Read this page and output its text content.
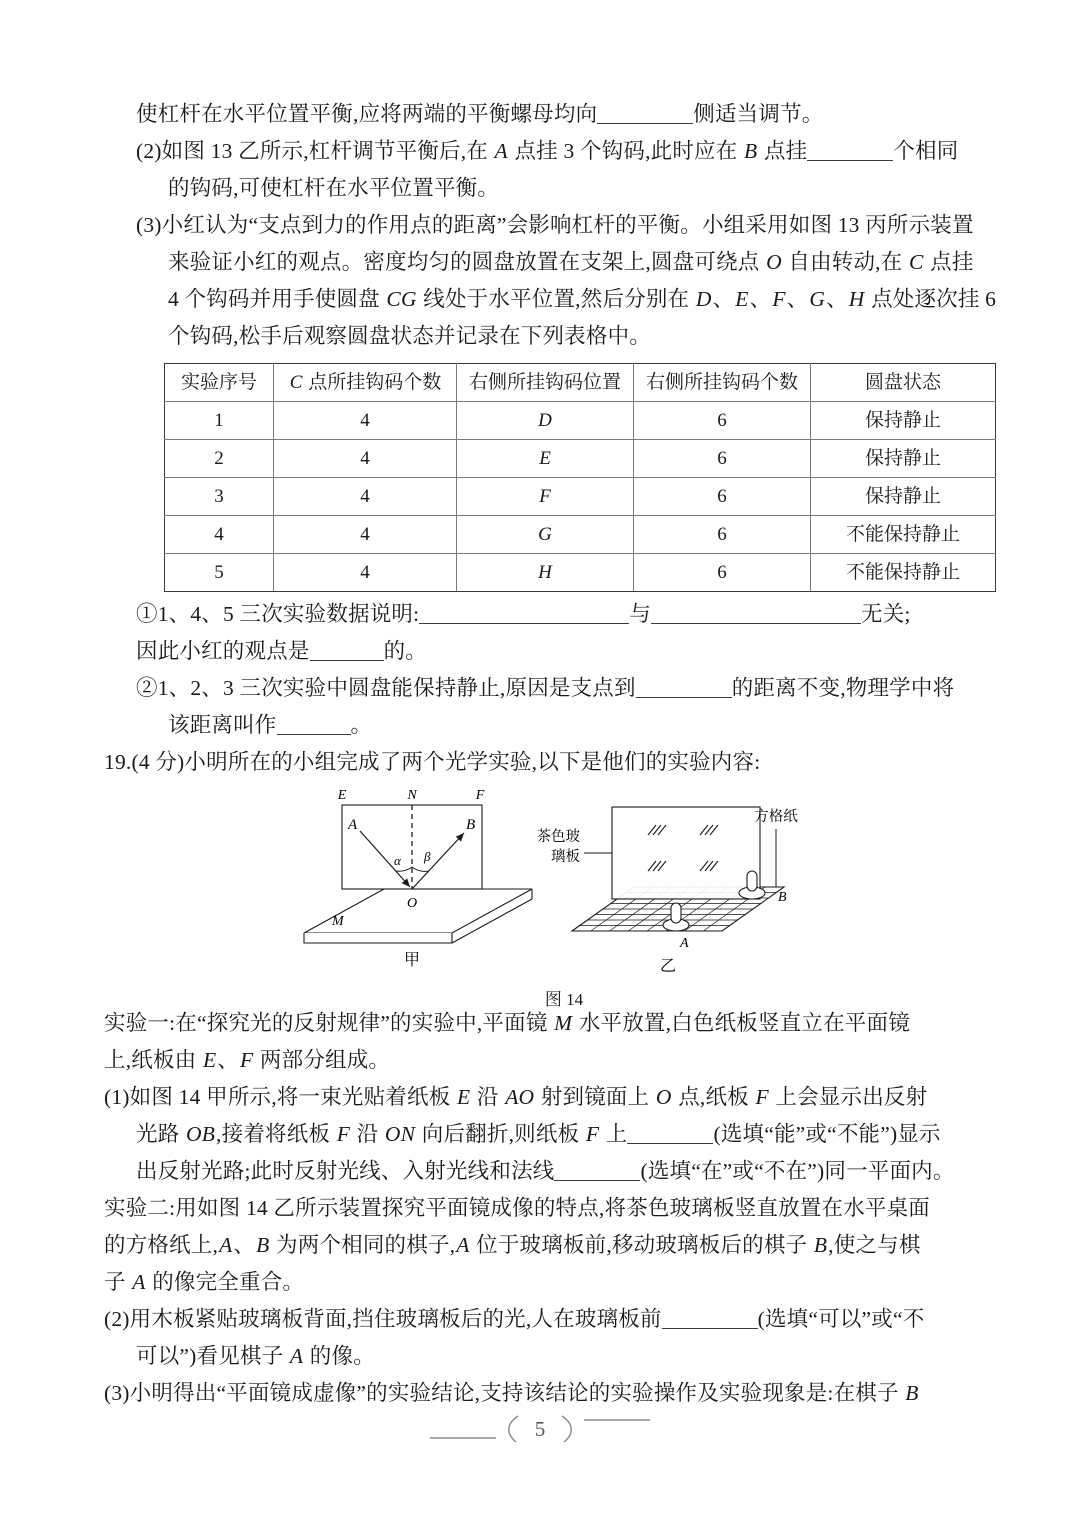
使杠杆在水平位置平衡,应将两端的平衡螺母均向	侧适当调节。

(2)如图 13 乙所示,杠杆调节平衡后,在 A 点挂 3 个钩码,此时应在 B 点挂	个相同

的钩码,可使杠杆在水平位置平衡。

(3)小红认为“支点到力的作用点的距离”会影响杠杆的平衡。小组采用如图 13 丙所示装置

来验证小红的观点。密度均匀的圆盘放置在支架上,圆盘可绕点 O 自由转动,在 C 点挂

4 个钩码并用手使圆盘 CG 线处于水平位置,然后分别在 D、E、F、G、H 点处逐次挂 6

个钩码,松手后观察圆盘状态并记录在下列表格中。

实验序号	C 点所挂钩码个数	右侧所挂钩码位置	右侧所挂钩码个数	圆盘状态
1	4	D	6	保持静止
2	4	E	6	保持静止
3	4	F	6	保持静止
4	4	G	6	不能保持静止
5	4	H	6	不能保持静止

①1、4、5 三次实验数据说明:	与	无关;

因此小红的观点是	的。

②1、2、3 三次实验中圆盘能保持静止,原因是支点到	的距离不变,物理学中将

该距离叫作	。

19.(4 分)小明所在的小组完成了两个光学实验,以下是他们的实验内容:

E	N	F
A	B
α β
O
M
甲
茶色玻
璃板
方格纸
B
A
乙
图 14

实验一:在“探究光的反射规律”的实验中,平面镜 M 水平放置,白色纸板竖直立在平面镜

上,纸板由 E、F 两部分组成。

(1)如图 14 甲所示,将一束光贴着纸板 E 沿 AO 射到镜面上 O 点,纸板 F 上会显示出反射

光路 OB,接着将纸板 F 沿 ON 向后翻折,则纸板 F 上	(选填“能”或“不能”)显示

出反射光路;此时反射光线、入射光线和法线	(选填“在”或“不在”)同一平面内。

实验二:用如图 14 乙所示装置探究平面镜成像的特点,将茶色玻璃板竖直放置在水平桌面

的方格纸上,A、B 为两个相同的棋子,A 位于玻璃板前,移动玻璃板后的棋子 B,使之与棋

子 A 的像完全重合。

(2)用木板紧贴玻璃板背面,挡住玻璃板后的光,人在玻璃板前	(选填“可以”或“不

可以”)看见棋子 A 的像。

(3)小明得出“平面镜成虚像”的实验结论,支持该结论的实验操作及实验现象是:在棋子 B

5
